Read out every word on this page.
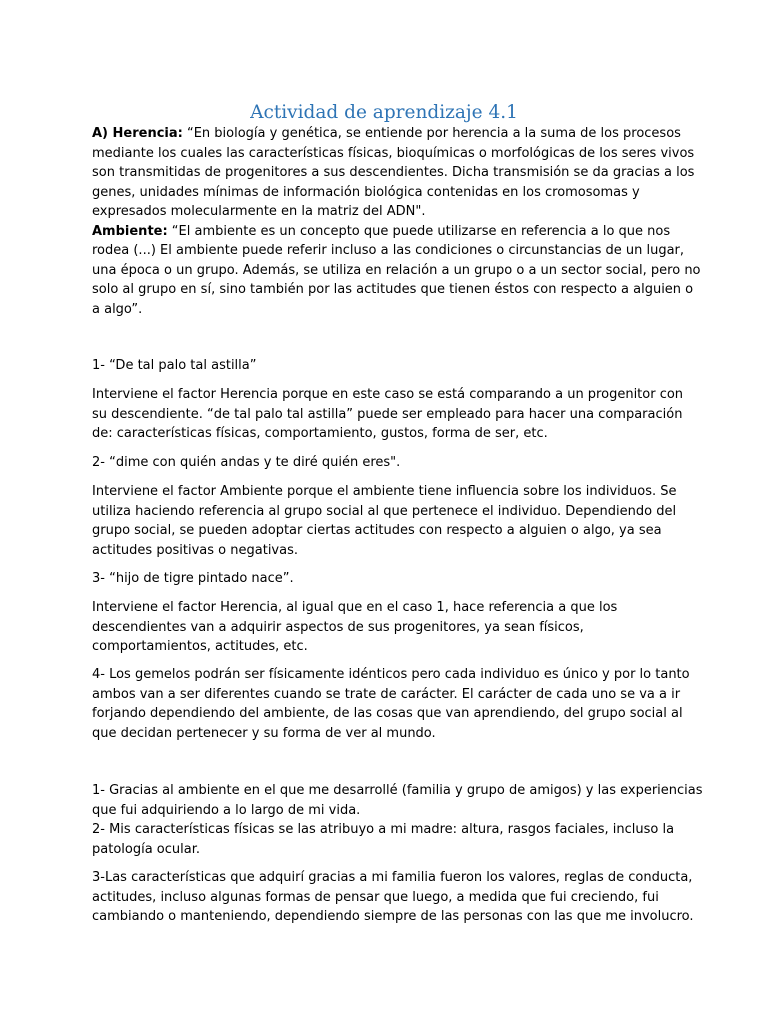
Actividad de aprendizaje 4.1
A) Herencia: “En biología y genética, se entiende por herencia a la suma de los procesos
mediante los cuales las características físicas, bioquímicas o morfológicas de los seres vivos
son transmitidas de progenitores a sus descendientes. Dicha transmisión se da gracias a los
genes, unidades mínimas de información biológica contenidas en los cromosomas y
expresados molecularmente en la matriz del ADN".
Ambiente: “El ambiente es un concepto que puede utilizarse en referencia a lo que nos
rodea (...) El ambiente puede referir incluso a las condiciones o circunstancias de un lugar,
una época o un grupo. Además, se utiliza en relación a un grupo o a un sector social, pero no
solo al grupo en sí, sino también por las actitudes que tienen éstos con respecto a alguien o
a algo”.
1- “De tal palo tal astilla”
Interviene el factor Herencia porque en este caso se está comparando a un progenitor con
su descendiente. “de tal palo tal astilla” puede ser empleado para hacer una comparación
de: características físicas, comportamiento, gustos, forma de ser, etc.
2- “dime con quién andas y te diré quién eres".
Interviene el factor Ambiente porque el ambiente tiene influencia sobre los individuos. Se
utiliza haciendo referencia al grupo social al que pertenece el individuo. Dependiendo del
grupo social, se pueden adoptar ciertas actitudes con respecto a alguien o algo, ya sea
actitudes positivas o negativas.
3- “hijo de tigre pintado nace”.
Interviene el factor Herencia, al igual que en el caso 1, hace referencia a que los
descendientes van a adquirir aspectos de sus progenitores, ya sean físicos,
comportamientos, actitudes, etc.
4- Los gemelos podrán ser físicamente idénticos pero cada individuo es único y por lo tanto
ambos van a ser diferentes cuando se trate de carácter. El carácter de cada uno se va a ir
forjando dependiendo del ambiente, de las cosas que van aprendiendo, del grupo social al
que decidan pertenecer y su forma de ver al mundo.
1- Gracias al ambiente en el que me desarrollé (familia y grupo de amigos) y las experiencias
que fui adquiriendo a lo largo de mi vida.
2- Mis características físicas se las atribuyo a mi madre: altura, rasgos faciales, incluso la
patología ocular.
3-Las características que adquirí gracias a mi familia fueron los valores, reglas de conducta,
actitudes, incluso algunas formas de pensar que luego, a medida que fui creciendo, fui
cambiando o manteniendo, dependiendo siempre de las personas con las que me involucro.
